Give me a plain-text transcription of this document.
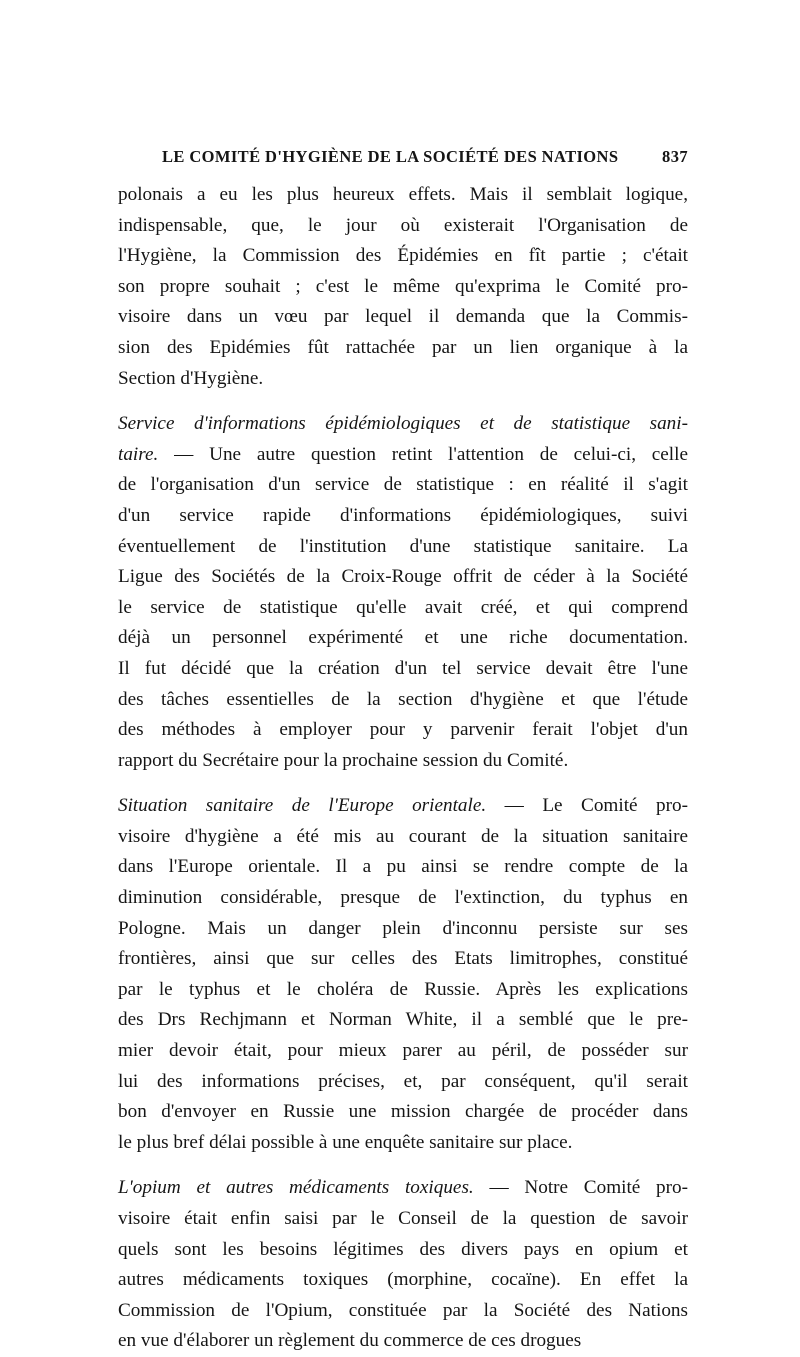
LE COMITÉ D'HYGIÈNE DE LA SOCIÉTÉ DES NATIONS	837
polonais a eu les plus heureux effets. Mais il semblait logique,
indispensable, que, le jour où existerait l'Organisation de
l'Hygiène, la Commission des Épidémies en fît partie ; c'était
son propre souhait ; c'est le même qu'exprima le Comité pro-
visoire dans un vœu par lequel il demanda que la Commis-
sion des Epidémies fût rattachée par un lien organique à la
Section d'Hygiène.
Service d'informations épidémiologiques et de statistique sani-
taire. — Une autre question retint l'attention de celui-ci, celle
de l'organisation d'un service de statistique : en réalité il s'agit
d'un service rapide d'informations épidémiologiques, suivi
éventuellement de l'institution d'une statistique sanitaire. La
Ligue des Sociétés de la Croix-Rouge offrit de céder à la Société
le service de statistique qu'elle avait créé, et qui comprend
déjà un personnel expérimenté et une riche documentation.
Il fut décidé que la création d'un tel service devait être l'une
des tâches essentielles de la section d'hygiène et que l'étude
des méthodes à employer pour y parvenir ferait l'objet d'un
rapport du Secrétaire pour la prochaine session du Comité.
Situation sanitaire de l'Europe orientale. — Le Comité pro-
visoire d'hygiène a été mis au courant de la situation sanitaire
dans l'Europe orientale. Il a pu ainsi se rendre compte de la
diminution considérable, presque de l'extinction, du typhus en
Pologne. Mais un danger plein d'inconnu persiste sur ses
frontières, ainsi que sur celles des Etats limitrophes, constitué
par le typhus et le choléra de Russie. Après les explications
des Drs Rechjmann et Norman White, il a semblé que le pre-
mier devoir était, pour mieux parer au péril, de posséder sur
lui des informations précises, et, par conséquent, qu'il serait
bon d'envoyer en Russie une mission chargée de procéder dans
le plus bref délai possible à une enquête sanitaire sur place.
L'opium et autres médicaments toxiques. — Notre Comité pro-
visoire était enfin saisi par le Conseil de la question de savoir
quels sont les besoins légitimes des divers pays en opium et
autres médicaments toxiques (morphine, cocaïne). En effet la
Commission de l'Opium, constituée par la Société des Nations
en vue d'élaborer un règlement du commerce de ces drogues
